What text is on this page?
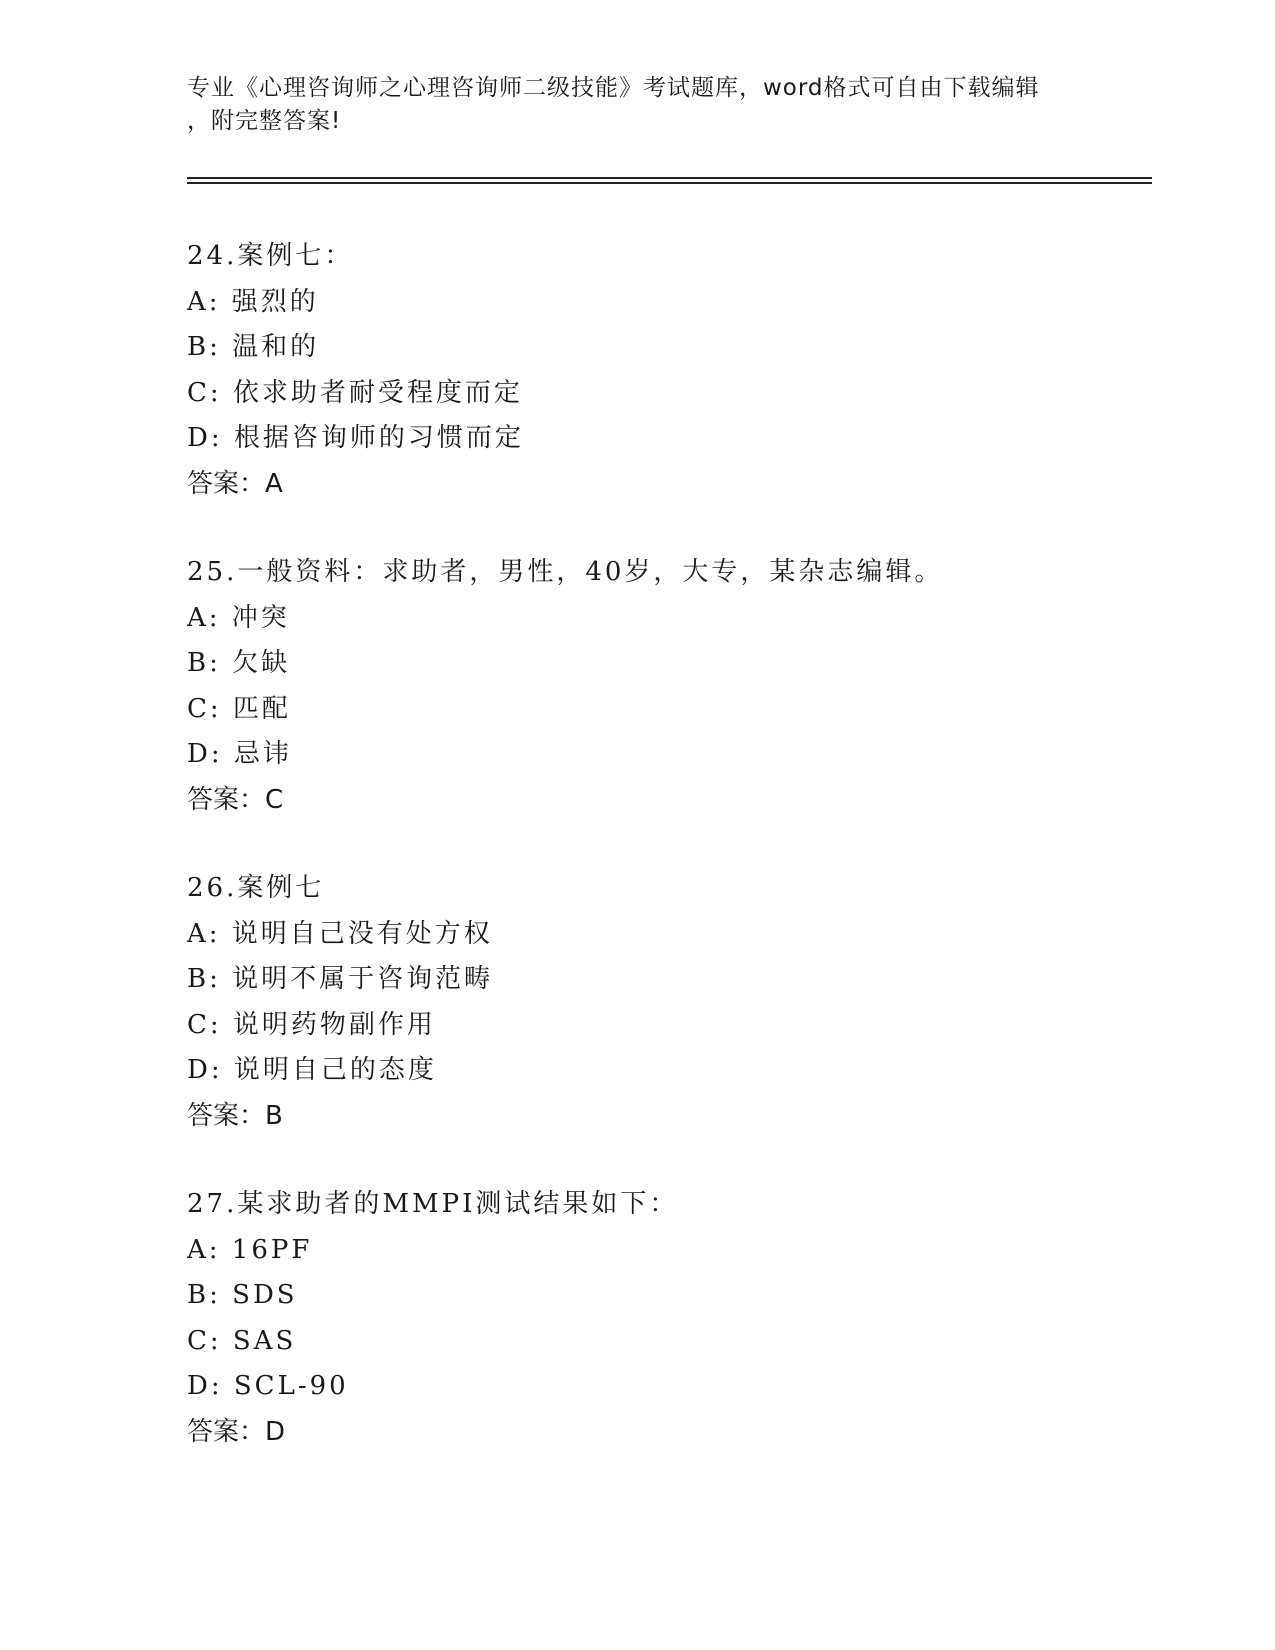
专业《心理咨询师之心理咨询师二级技能》考试题库，word格式可自由下载编辑
，附完整答案!
24.案例七：
A: 强烈的
B: 温和的
C: 依求助者耐受程度而定
D: 根据咨询师的习惯而定
答案：A
25.一般资料：求助者，男性，40岁，大专，某杂志编辑。
A: 冲突
B: 欠缺
C: 匹配
D: 忌讳
答案：C
26.案例七
A: 说明自己没有处方权
B: 说明不属于咨询范畴
C: 说明药物副作用
D: 说明自己的态度
答案：B
27.某求助者的MMPI测试结果如下：
A: 16PF
B: SDS
C: SAS
D: SCL-90
答案：D
